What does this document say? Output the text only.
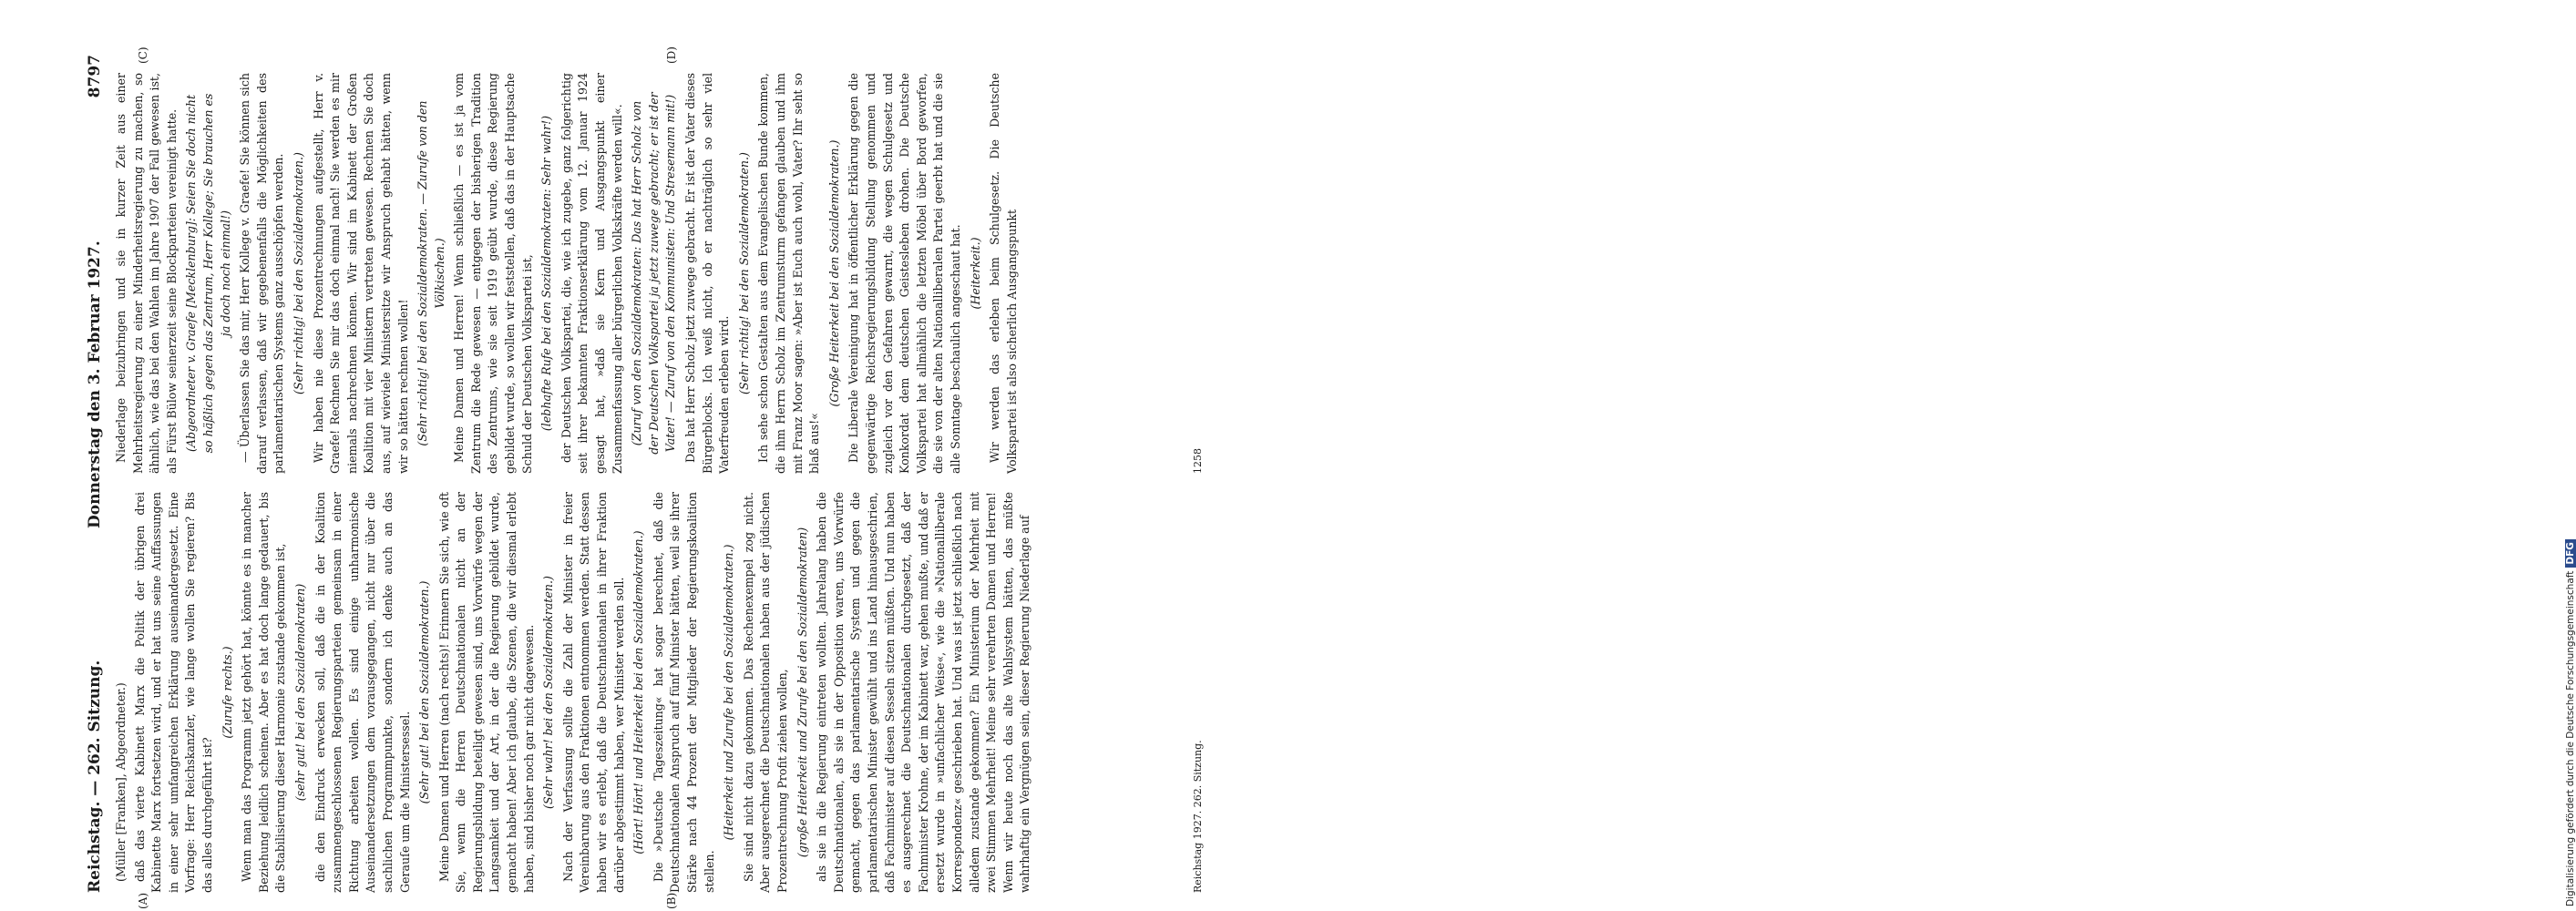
Reichstag. — 262. Sitzung.
Donnerstag den 3. Februar 1927.
8797
(A)	(B)
(C)	(D)

(Müller [Franken], Abgeordneter.) daß das vierte Kabinett Marx die Politik der übrigen drei Kabinette Marx fortsetzen wird, und er hat uns seine Auffassungen in einer sehr umfangreichen Erklärung auseinandergesetzt. Eine Vorfrage: Herr Reichskanzler, wie lange wollen Sie regieren? Bis das alles durchgeführt ist?

(Zurufe rechts.) Wenn man das Programm jetzt gehört hat, könnte es in mancher Beziehung leidlich scheinen. Aber es hat doch lange gedauert, bis die Stabilisierung dieser Harmonie zustande gekommen ist, (sehr gut! bei den Sozialdemokraten) die den Eindruck erwecken soll, daß die in der Koalition zusammengeschlossenen Regierungsparteien gemeinsam in einer Richtung arbeiten wollen. Es sind einige unharmonische Auseinandersetzungen dem vorausgegangen, nicht nur über die sachlichen Programmpunkte, sondern ich denke auch an das Gerauſe um die Ministersessel. (Sehr gut! bei den Sozialdemokraten.) Meine Damen und Herren (nach rechts)! Erinnern Sie sich, wie oft Sie, wenn die Herren Deutschnationalen nicht an der Regierungsbildung beteiligt gewesen sind, uns Vorwürfe wegen der Langsamkeit und der Art, in der die Regierung gebildet wurde, gemacht haben! Aber ich glaube, die Szenen, die wir diesmal erlebt haben, sind bisher noch gar nicht dagewesen. (Sehr wahr! bei den Sozialdemokraten.) Nach der Verfassung sollte die Zahl der Minister in freier Vereinbarung aus den Fraktionen entnommen werden. Statt dessen haben wir es erlebt, daß die Deutschnationalen in ihrer Fraktion darüber abgestimmt haben, wer Minister werden soll. (Hört! Hört! und Heiterkeit bei den Sozialdemokraten.) Die »Deutsche Tageszeitung« hat sogar berechnet, daß die Deutschnationalen Anspruch auf fünf Minister hätten, weil sie ihrer Stärke nach 44 Prozent der Mitglieder der Regierungskoalition stellen.

(Heiterkeit und Zurufe bei den Sozialdemokraten.) Sie sind nicht dazu gekommen. Das Rechenexempel zog nicht. Aber ausgerechnet die Deutschnationalen haben aus der jüdischen Prozentrechnung Profit ziehen wollen, (große Heiterkeit und Zurufe bei den Sozialdemokraten) als sie in die Regierung eintreten wollten. Jahrelang haben die Deutschnationalen, als sie in der Opposition waren, uns Vorwürfe gemacht, gegen das parlamentarische System und gegen die parlamentarischen Minister gewühlt und ins Land hinausgeschrien, daß Fachminister auf diesen Sesseln sitzen müßten. Und nun haben es ausgerechnet die Deutschnationalen durchgesetzt, daß der Fachminister Krohne, der im Kabinett war, gehen mußte, und daß er ersetzt wurde in »unfachlicher Weise«, wie die »Nationalliberale Korrespondenz« geschrieben hat. Und was ist jetzt schließlich nach alledem zustande gekommen? Ein Ministerium der Mehrheit mit zwei Stimmen Mehrheit! Meine sehr verehrten Damen und Herren! Wenn wir heute noch das alte Wahlsystem hätten, das müßte wahrhaftig ein Vergnügen sein, dieser Regierung Niederlage auf

Niederlage beizubringen und sie in kurzer Zeit aus einer Mehrheitsregierung zu einer Minderheitsregierung zu machen, so ähnlich, wie das bei den Wahlen im Jahre 1907 der Fall gewesen ist, als Fürst Bülow seinerzeit seine Blockparteien vereinigt hatte. (Abgeordneter v. Graefe [Mecklenburg]: Seien Sie doch nicht so häßlich gegen das Zentrum, Herr Kollege; Sie brauchen es ja doch noch einmal!) — Überlassen Sie das mir, Herr Kollege v. Graefe! Sie können sich darauf verlassen, daß wir gegebenenfalls die Möglichkeiten des parlamentarischen Systems ganz ausschöpfen werden. (Sehr richtig! bei den Sozialdemokraten.) Wir haben nie diese Prozentrechnungen aufgestellt, Herr v. Graefe! Rechnen Sie mir das doch einmal nach! Sie werden es mir niemals nachrechnen können. Wir sind im Kabinett der Großen Koalition mit vier Ministern vertreten gewesen. Rechnen Sie doch aus, auf wieviele Ministersitze wir Anspruch gehabt hätten, wenn wir so hätten rechnen wollen! (Sehr richtig! bei den Sozialdemokraten. — Zurufe von den Völkischen.) Meine Damen und Herren! Wenn schließlich — es ist ja vom Zentrum die Rede gewesen — entgegen der bisherigen Tradition des Zentrums, wie sie seit 1919 geübt wurde, diese Regierung gebildet wurde, so wollen wir feststellen, daß das in der Hauptsache Schuld der Deutschen Volkspartei ist, (lebhafte Rufe bei den Sozialdemokraten: Sehr wahr!) der Deutschen Volkspartei, die, wie ich zugebe, ganz folgerichtig seit ihrer bekannten Fraktionserklärung vom 12. Januar 1924 gesagt hat, »daß sie Kern und Ausgangspunkt einer Zusammenfassung aller bürgerlichen Volkskräfte werden will«. (Zuruf von den Sozialdemokraten: Das hat Herr Scholz von der Deutschen Volkspartei ja jetzt zuwege gebracht; er ist der Vater! — Zuruf von den Kommunisten: Und Stresemann mit!) Das hat Herr Scholz jetzt zuwege gebracht. Er ist der Vater dieses Bürgerblocks. Ich weiß nicht, ob er nachträglich so sehr viel Vaterfreuden erleben wird.

(Sehr richtig! bei den Sozialdemokraten.) Ich sehe schon Gestalten aus dem Evangelischen Bunde kommen, die ihm Herrn Scholz im Zentrumsturm gefangen glauben und ihm mit Franz Moor sagen: »Aber ist Euch auch wohl, Vater? Ihr seht so blaß aus!«

(Große Heiterkeit bei den Sozialdemokraten.) Die Liberale Vereinigung hat in öffentlicher Erklärung gegen die gegenwärtige Reichsregierungsbildung Stellung genommen und zugleich vor den Gefahren gewarnt, die wegen Schulgesetz und Konkordat dem deutschen Geistesleben drohen. Die Deutsche Volkspartei hat allmählich die letzten Möbel über Bord geworfen, die sie von der alten Nationalliberalen Partei geerbt hat und die sie alle Sonntage beschaulich angeschaut hat. (Heiterkeit.) Wir werden das erleben beim Schulgesetz. Die Deutsche Volkspartei ist also sicherlich Ausgangspunkt

Reichstag 1927. 262. Sitzung.
1258
Digitalisierung gefördert durch die Deutsche ForschungsgemeinschaftDFG
